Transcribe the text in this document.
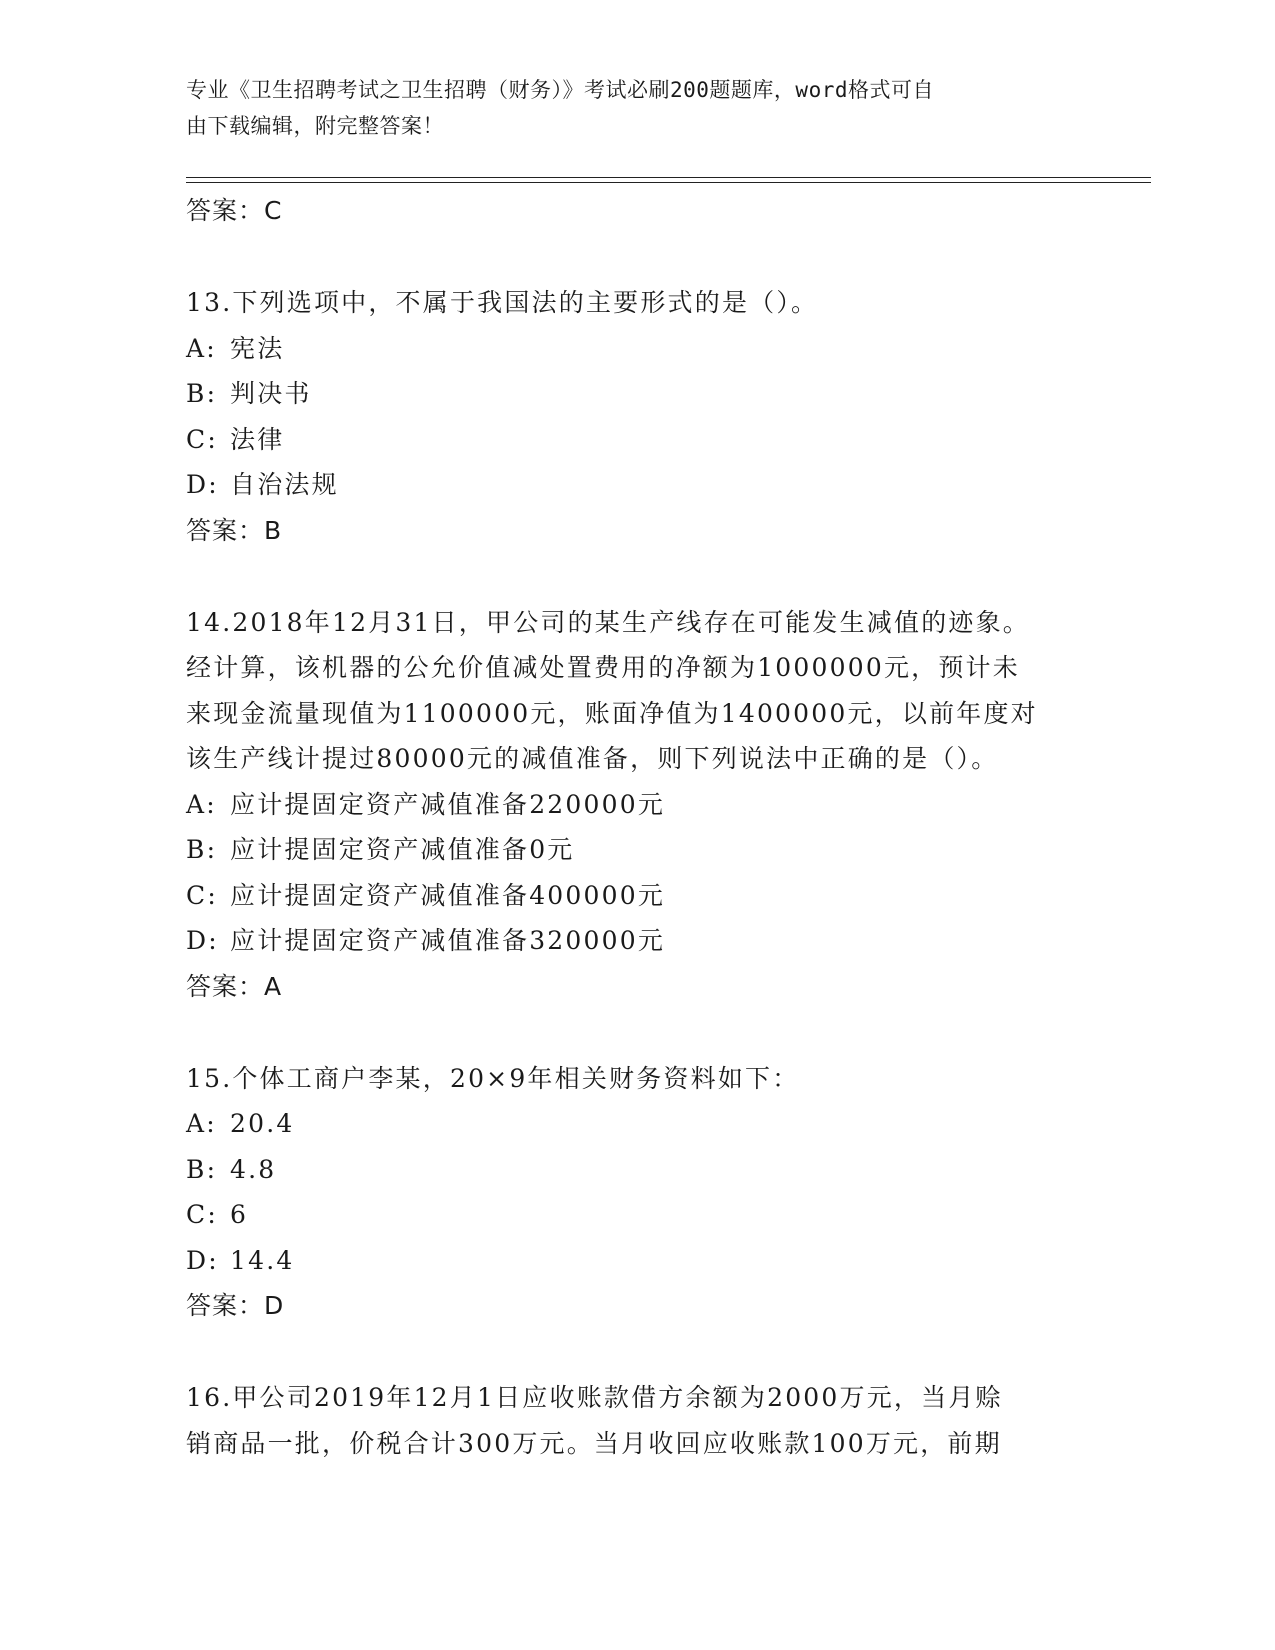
专业《卫生招聘考试之卫生招聘（财务）》考试必刷200题题库，word格式可自
由下载编辑，附完整答案！
答案：C

13.下列选项中，不属于我国法的主要形式的是（）。

A: 宪法
B: 判决书
C: 法律
D: 自治法规
答案：B

14.2018年12月31日，甲公司的某生产线存在可能发生减值的迹象。

经计算，该机器的公允价值减处置费用的净额为1000000元，预计未

来现金流量现值为1100000元，账面净值为1400000元，以前年度对

该生产线计提过80000元的减值准备，则下列说法中正确的是（）。

A: 应计提固定资产减值准备220000元
B: 应计提固定资产减值准备0元
C: 应计提固定资产减值准备400000元
D: 应计提固定资产减值准备320000元
答案：A

15.个体工商户李某，20×9年相关财务资料如下：

A: 20.4
B: 4.8
C: 6
D: 14.4
答案：D

16.甲公司2019年12月1日应收账款借方余额为2000万元，当月赊

销商品一批，价税合计300万元。当月收回应收账款100万元，前期
